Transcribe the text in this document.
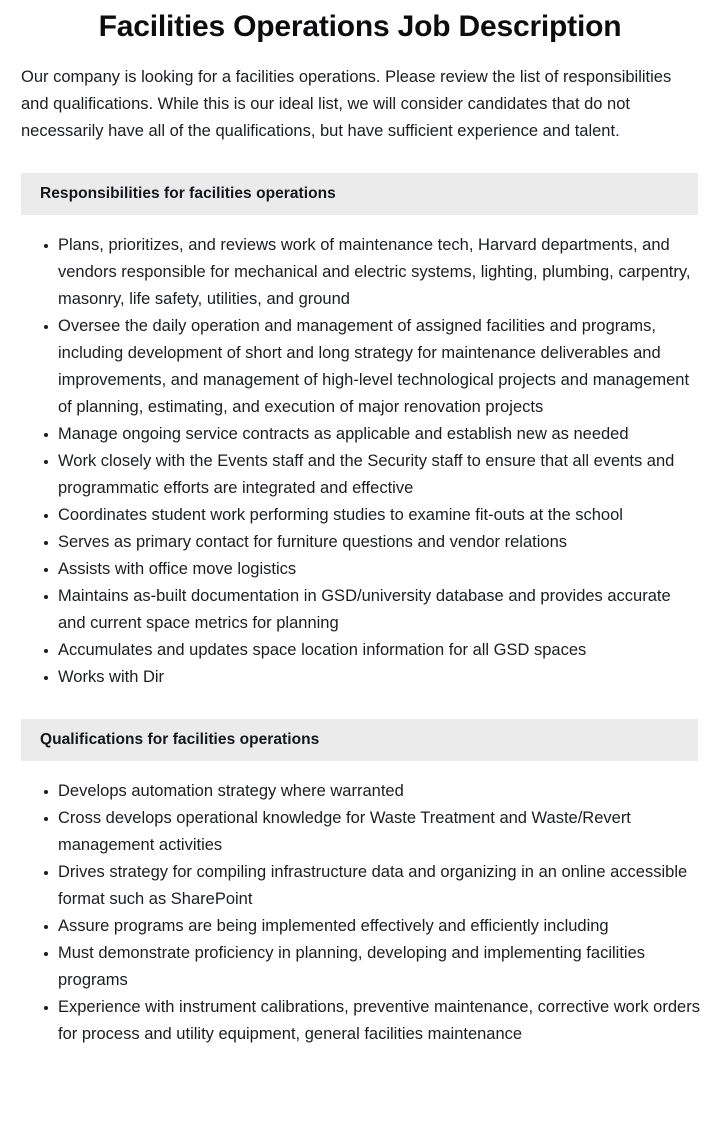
Facilities Operations Job Description

Our company is looking for a facilities operations. Please review the list of responsibilities and qualifications. While this is our ideal list, we will consider candidates that do not necessarily have all of the qualifications, but have sufficient experience and talent.

Responsibilities for facilities operations
Plans, prioritizes, and reviews work of maintenance tech, Harvard departments, and vendors responsible for mechanical and electric systems, lighting, plumbing, carpentry, masonry, life safety, utilities, and ground
Oversee the daily operation and management of assigned facilities and programs, including development of short and long strategy for maintenance deliverables and improvements, and management of high-level technological projects and management of planning, estimating, and execution of major renovation projects
Manage ongoing service contracts as applicable and establish new as needed
Work closely with the Events staff and the Security staff to ensure that all events and programmatic efforts are integrated and effective
Coordinates student work performing studies to examine fit-outs at the school
Serves as primary contact for furniture questions and vendor relations
Assists with office move logistics
Maintains as-built documentation in GSD/university database and provides accurate and current space metrics for planning
Accumulates and updates space location information for all GSD spaces
Works with Dir
Qualifications for facilities operations
Develops automation strategy where warranted
Cross develops operational knowledge for Waste Treatment and Waste/Revert management activities
Drives strategy for compiling infrastructure data and organizing in an online accessible format such as SharePoint
Assure programs are being implemented effectively and efficiently including
Must demonstrate proficiency in planning, developing and implementing facilities programs
Experience with instrument calibrations, preventive maintenance, corrective work orders for process and utility equipment, general facilities maintenance
